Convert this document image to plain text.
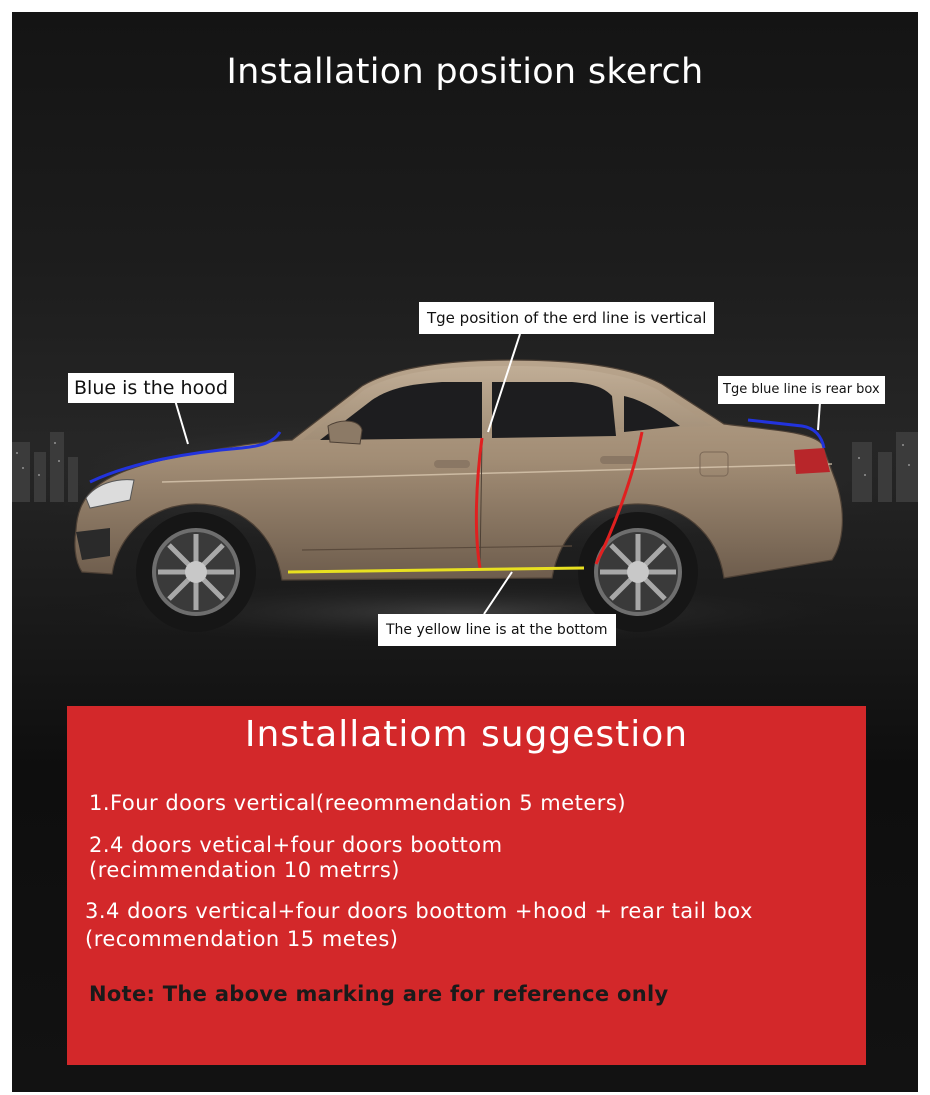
Installation position skerch
Blue is the hood
Tge position of the erd line is vertical
Tge blue line is rear box
The yellow line is at the bottom
Installatiom suggestion
1.Four doors vertical(reeommendation 5 meters)
2.4 doors vetical+four doors boottom
(recimmendation 10 metrrs)
3.4 doors vertical+four doors boottom +hood + rear tail box
(recommendation 15 metes)
Note: The above marking are for reference only
